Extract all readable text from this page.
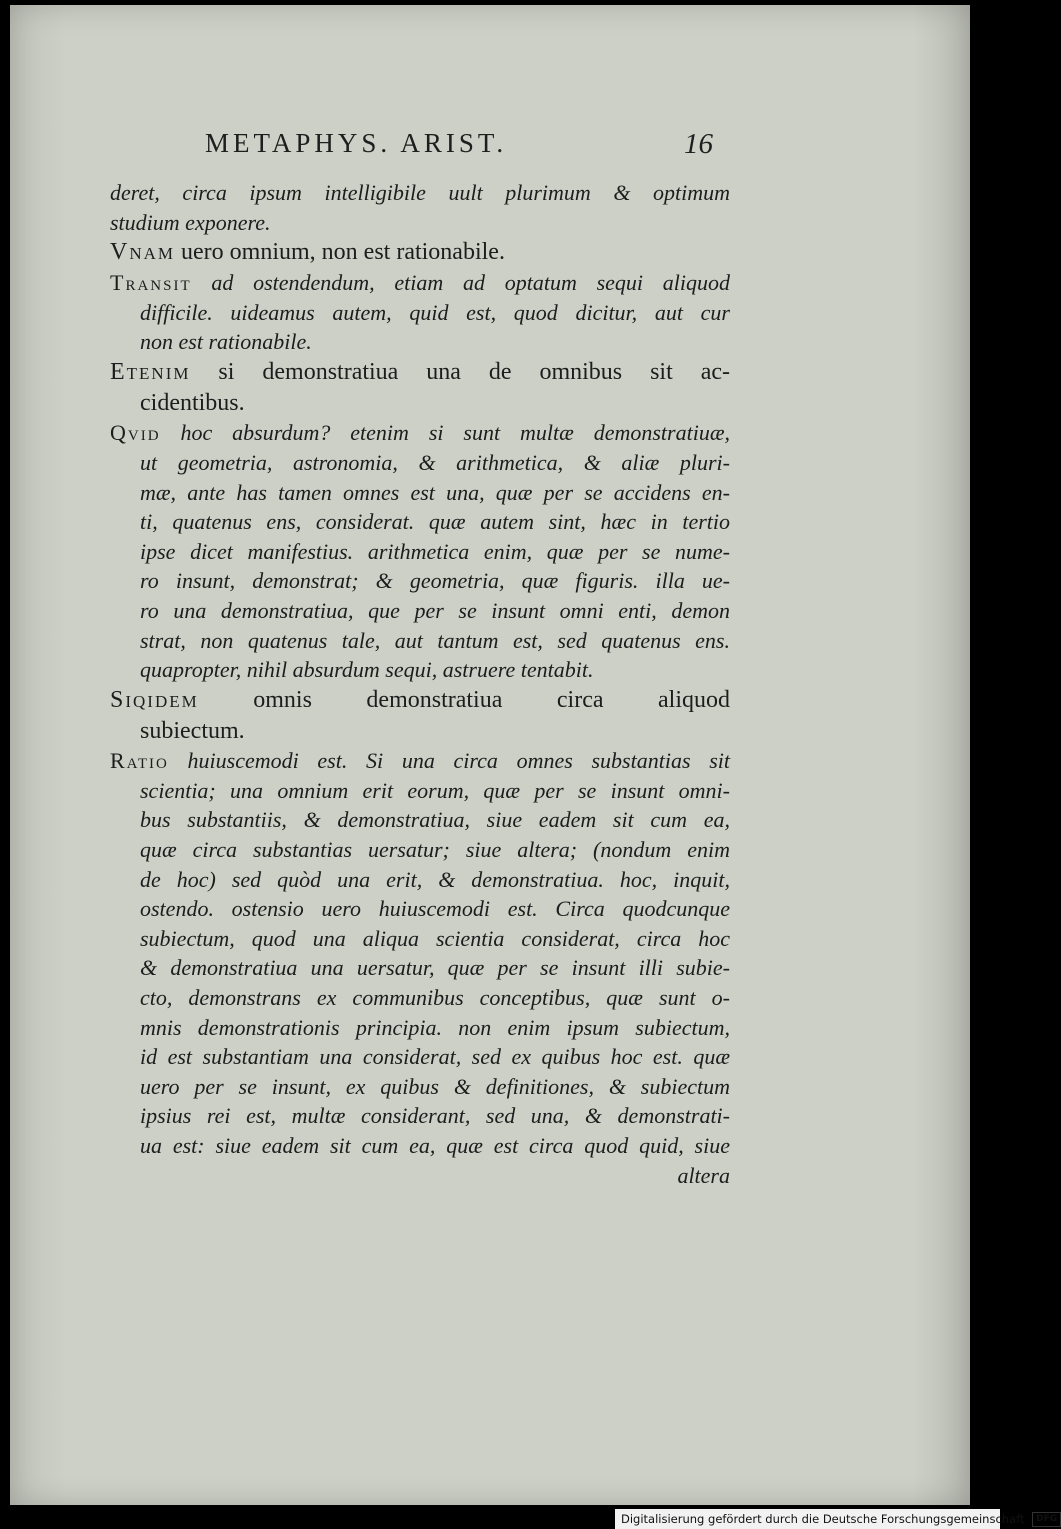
METAPHYS. ARIST.	16
deret, circa ipsum intelligibile uult plurimum & optimum
studium exponere.
Vnam uero omnium, non est rationabile.
Transit ad ostendendum, etiam ad optatum sequi aliquod
difficile. uideamus autem, quid est, quod dicitur, aut cur
non est rationabile.
Etenim si demonstratiua una de omnibus sit ac-
cidentibus.
Qvid hoc absurdum? etenim si sunt multæ demonstratiuæ,
ut geometria, astronomia, & arithmetica, & aliæ pluri-
mæ, ante has tamen omnes est una, quæ per se accidens en-
ti, quatenus ens, considerat. quæ autem sint, hæc in tertio
ipse dicet manifestius. arithmetica enim, quæ per se nume-
ro insunt, demonstrat; & geometria, quæ figuris. illa ue-
ro una demonstratiua, que per se insunt omni enti, demon
strat, non quatenus tale, aut tantum est, sed quatenus ens.
quapropter, nihil absurdum sequi, astruere tentabit.
Siqidem omnis demonstratiua circa aliquod
subiectum.
Ratio huiuscemodi est. Si una circa omnes substantias sit
scientia; una omnium erit eorum, quæ per se insunt omni-
bus substantiis, & demonstratiua, siue eadem sit cum ea,
quæ circa substantias uersatur; siue altera; (nondum enim
de hoc) sed quòd una erit, & demonstratiua. hoc, inquit,
ostendo. ostensio uero huiuscemodi est. Circa quodcunque
subiectum, quod una aliqua scientia considerat, circa hoc
& demonstratiua una uersatur, quæ per se insunt illi subie-
cto, demonstrans ex communibus conceptibus, quæ sunt o-
mnis demonstrationis principia. non enim ipsum subiectum,
id est substantiam una considerat, sed ex quibus hoc est. quæ
uero per se insunt, ex quibus & definitiones, & subiectum
ipsius rei est, multæ considerant, sed una, & demonstrati-
ua est: siue eadem sit cum ea, quæ est circa quod quid, siue
altera
Digitalisierung gefördert durch die Deutsche Forschungsgemeinschaft DFG
